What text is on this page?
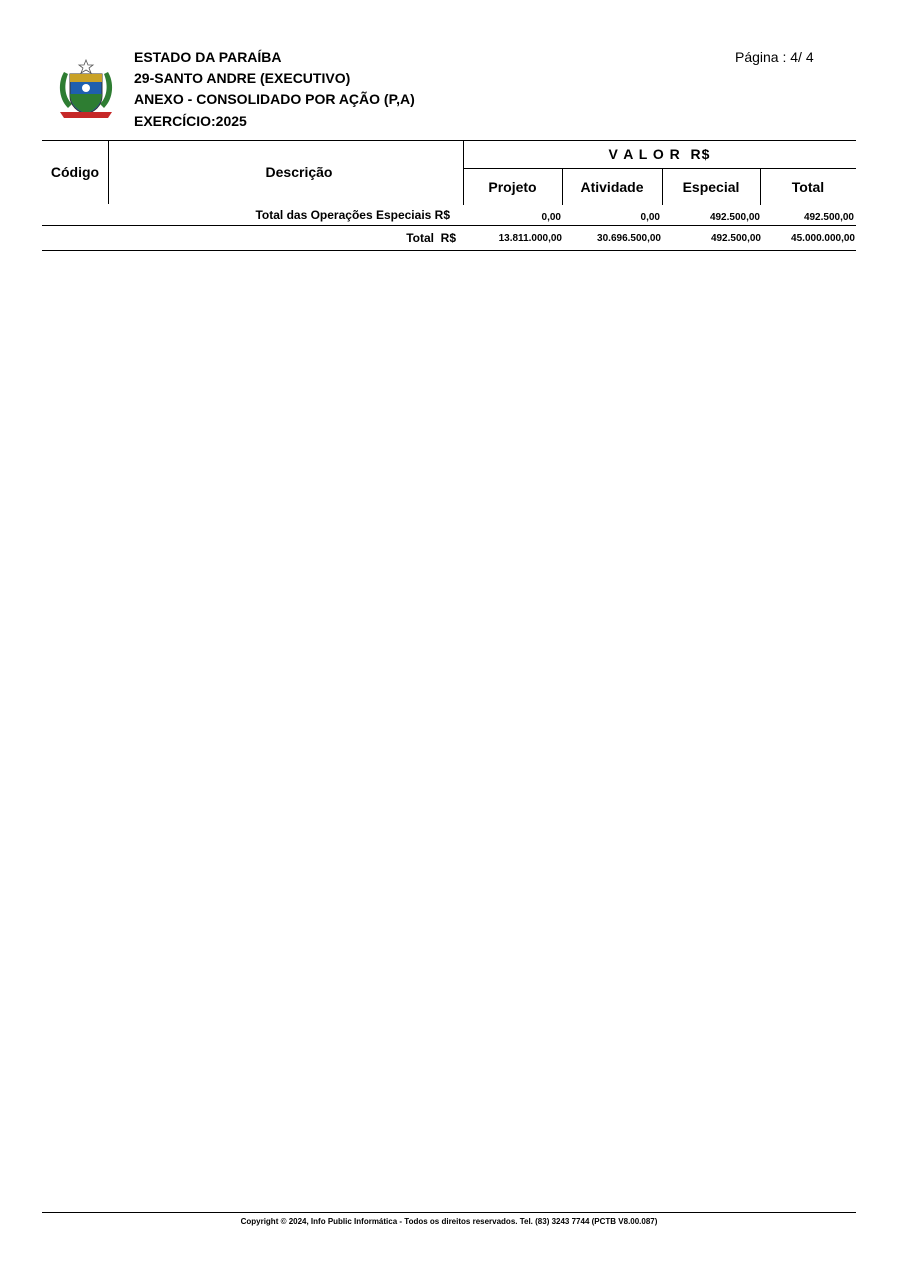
ESTADO DA PARAÍBA
29-SANTO ANDRE (EXECUTIVO)
ANEXO - CONSOLIDADO POR AÇÃO (P,A)
EXERCÍCIO:2025
Página : 4/ 4
Código	Descrição
V A L O R  R$
Projeto	Atividade	Especial	Total
Total das Operações Especiais R$	0,00	0,00	492.500,00	492.500,00
Total  R$	13.811.000,00	30.696.500,00	492.500,00	45.000.000,00
Copyright © 2024, Info Public Informática - Todos os direitos reservados. Tel. (83) 3243 7744 (PCTB V8.00.087)
